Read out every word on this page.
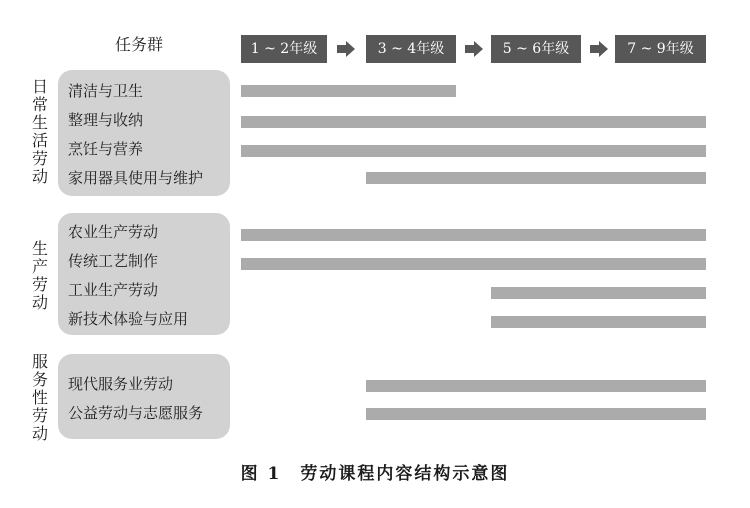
任务群	1 ~ 2年级	3 ~ 4年级	5 ~ 6年级	7 ~ 9年级
日常生活劳动
清洁与卫生
整理与收纳
烹饪与营养
家用器具使用与维护
生产劳动
农业生产劳动
传统工艺制作
工业生产劳动
新技术体验与应用
服务性劳动
现代服务业劳动
公益劳动与志愿服务
图 1　劳动课程内容结构示意图
